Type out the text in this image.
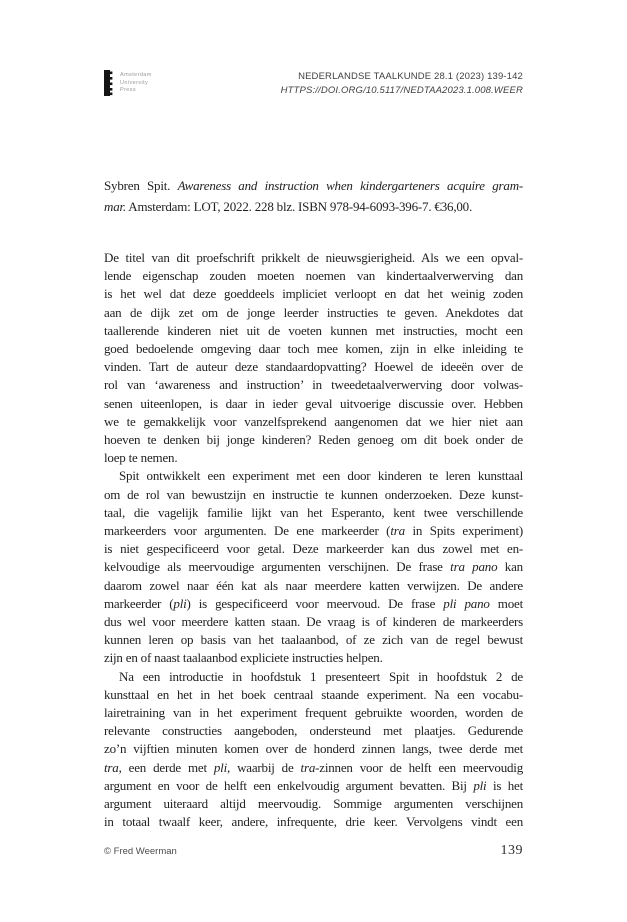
Amsterdam
University
Press
NEDERLANDSE TAALKUNDE 28.1 (2023) 139-142
HTTPS://DOI.ORG/10.5117/NEDTAA2023.1.008.WEER
Sybren Spit. Awareness and instruction when kindergarteners acquire gram-
mar. Amsterdam: LOT, 2022. 228 blz. ISBN 978-94-6093-396-7. €36,00.
De titel van dit proefschrift prikkelt de nieuwsgierigheid. Als we een opval-
lende eigenschap zouden moeten noemen van kindertaalverwerving dan
is het wel dat deze goeddeels impliciet verloopt en dat het weinig zoden
aan de dijk zet om de jonge leerder instructies te geven. Anekdotes dat
taallerende kinderen niet uit de voeten kunnen met instructies, mocht een
goed bedoelende omgeving daar toch mee komen, zijn in elke inleiding te
vinden. Tart de auteur deze standaardopvatting? Hoewel de ideeën over de
rol van ‘awareness and instruction’ in tweedetaalverwerving door volwas-
senen uiteenlopen, is daar in ieder geval uitvoerige discussie over. Hebben
we te gemakkelijk voor vanzelfsprekend aangenomen dat we hier niet aan
hoeven te denken bij jonge kinderen? Reden genoeg om dit boek onder de
loep te nemen.
Spit ontwikkelt een experiment met een door kinderen te leren kunsttaal
om de rol van bewustzijn en instructie te kunnen onderzoeken. Deze kunst-
taal, die vagelijk familie lijkt van het Esperanto, kent twee verschillende
markeerders voor argumenten. De ene markeerder (tra in Spits experiment)
is niet gespecificeerd voor getal. Deze markeerder kan dus zowel met en-
kelvoudige als meervoudige argumenten verschijnen. De frase tra pano kan
daarom zowel naar één kat als naar meerdere katten verwijzen. De andere
markeerder (pli) is gespecificeerd voor meervoud. De frase pli pano moet
dus wel voor meerdere katten staan. De vraag is of kinderen de markeerders
kunnen leren op basis van het taalaanbod, of ze zich van de regel bewust
zijn en of naast taalaanbod expliciete instructies helpen.
Na een introductie in hoofdstuk 1 presenteert Spit in hoofdstuk 2 de
kunsttaal en het in het boek centraal staande experiment. Na een vocabu-
lairetraining van in het experiment frequent gebruikte woorden, worden de
relevante constructies aangeboden, ondersteund met plaatjes. Gedurende
zo’n vijftien minuten komen over de honderd zinnen langs, twee derde met
tra, een derde met pli, waarbij de tra-zinnen voor de helft een meervoudig
argument en voor de helft een enkelvoudig argument bevatten. Bij pli is het
argument uiteraard altijd meervoudig. Sommige argumenten verschijnen
in totaal twaalf keer, andere, infrequente, drie keer. Vervolgens vindt een
© Fred Weerman	139
